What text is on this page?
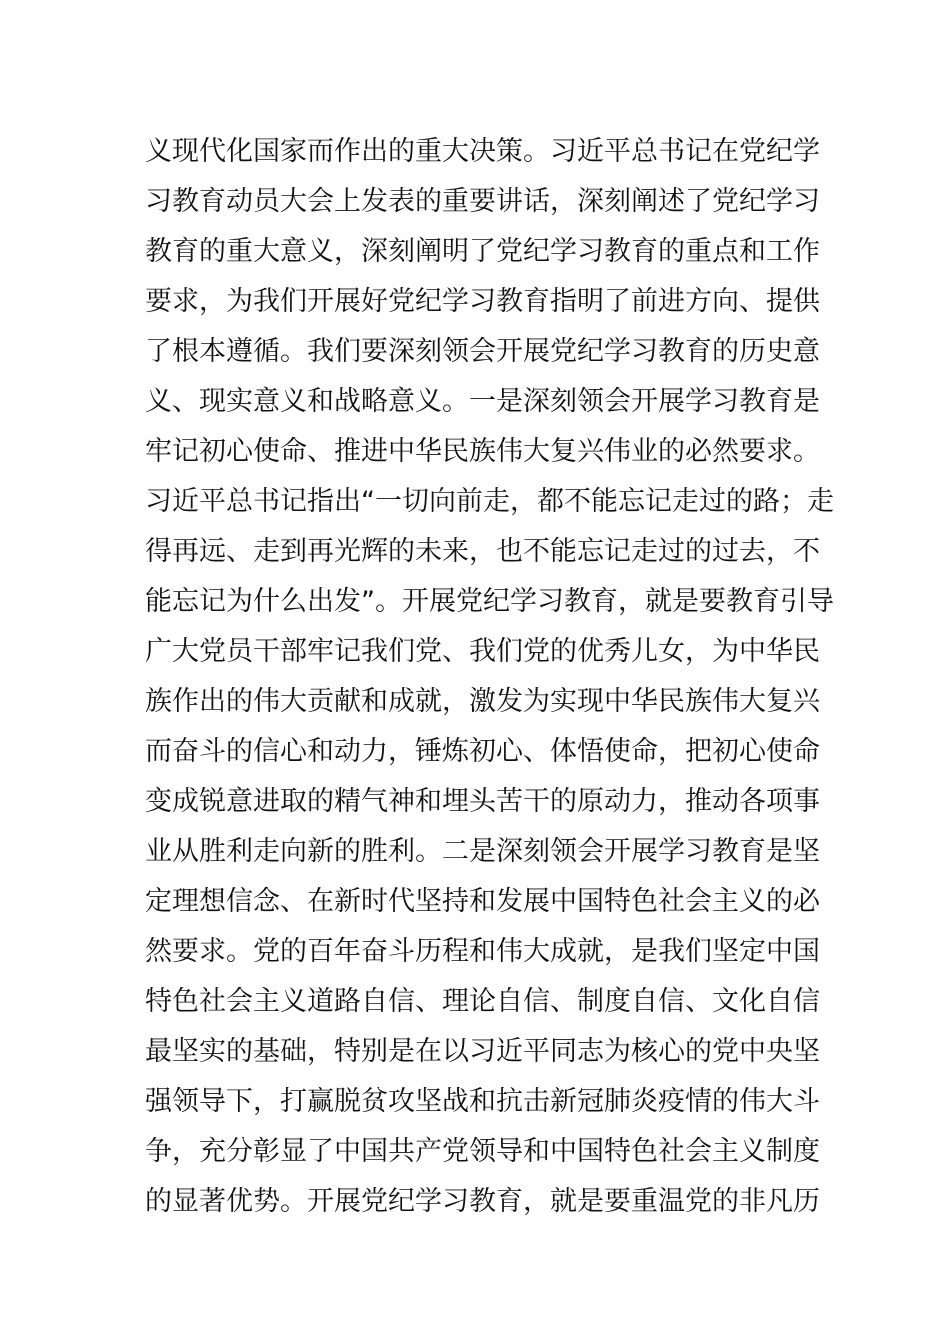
义现代化国家而作出的重大决策。习近平总书记在党纪学
习教育动员大会上发表的重要讲话，深刻阐述了党纪学习
教育的重大意义，深刻阐明了党纪学习教育的重点和工作
要求，为我们开展好党纪学习教育指明了前进方向、提供
了根本遵循。我们要深刻领会开展党纪学习教育的历史意
义、现实意义和战略意义。一是深刻领会开展学习教育是
牢记初心使命、推进中华民族伟大复兴伟业的必然要求。
习近平总书记指出“一切向前走，都不能忘记走过的路；走
得再远、走到再光辉的未来，也不能忘记走过的过去，不
能忘记为什么出发”。开展党纪学习教育，就是要教育引导
广大党员干部牢记我们党、我们党的优秀儿女，为中华民
族作出的伟大贡献和成就，激发为实现中华民族伟大复兴
而奋斗的信心和动力，锤炼初心、体悟使命，把初心使命
变成锐意进取的精气神和埋头苦干的原动力，推动各项事
业从胜利走向新的胜利。二是深刻领会开展学习教育是坚
定理想信念、在新时代坚持和发展中国特色社会主义的必
然要求。党的百年奋斗历程和伟大成就，是我们坚定中国
特色社会主义道路自信、理论自信、制度自信、文化自信
最坚实的基础，特别是在以习近平同志为核心的党中央坚
强领导下，打赢脱贫攻坚战和抗击新冠肺炎疫情的伟大斗
争，充分彰显了中国共产党领导和中国特色社会主义制度
的显著优势。开展党纪学习教育，就是要重温党的非凡历
